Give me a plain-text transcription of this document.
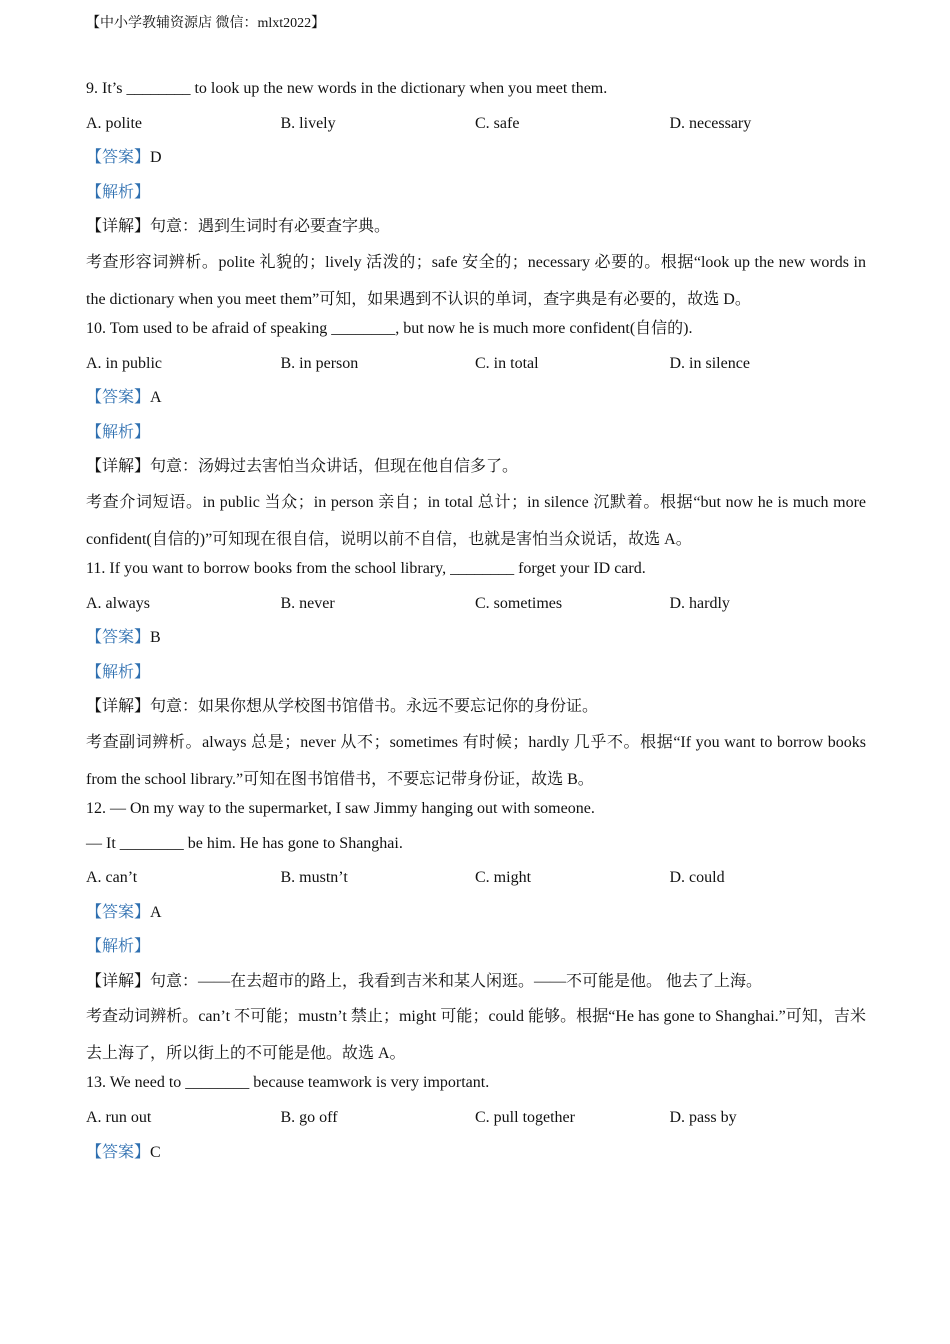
【中小学教辅资源店 微信：mlxt2022】
9. It’s ________ to look up the new words in the dictionary when you meet them.
A. polite	B. lively	C. safe	D. necessary
【答案】D
【解析】
【详解】句意：遇到生词时有必要查字典。
考查形容词辨析。polite 礼貌的；lively 活泼的；safe 安全的；necessary 必要的。根据“look up the new words in the dictionary when you meet them”可知，如果遇到不认识的单词，查字典是有必要的，故选 D。
10. Tom used to be afraid of speaking ________, but now he is much more confident(自信的).
A. in public	B. in person	C. in total	D. in silence
【答案】A
【解析】
【详解】句意：汤姆过去害怕当众讲话，但现在他自信多了。
考查介词短语。in public 当众；in person 亲自；in total 总计；in silence 沉默着。根据“but now he is much more confident(自信的)”可知现在很自信，说明以前不自信，也就是害怕当众说话，故选 A。
11. If you want to borrow books from the school library, ________ forget your ID card.
A. always	B. never	C. sometimes	D. hardly
【答案】B
【解析】
【详解】句意：如果你想从学校图书馆借书。永远不要忘记你的身份证。
考查副词辨析。always 总是；never 从不；sometimes 有时候；hardly 几乎不。根据“If you want to borrow books from the school library.”可知在图书馆借书，不要忘记带身份证，故选 B。
12. — On my way to the supermarket, I saw Jimmy hanging out with someone.
— It ________ be him. He has gone to Shanghai.
A. can’t	B. mustn’t	C. might	D. could
【答案】A
【解析】
【详解】句意：——在去超市的路上，我看到吉米和某人闲逛。——不可能是他。 他去了上海。
考查动词辨析。can’t 不可能；mustn’t 禁止；might 可能；could 能够。根据“He has gone to Shanghai.”可知，吉米去上海了，所以街上的不可能是他。故选 A。
13. We need to ________ because teamwork is very important.
A. run out	B. go off	C. pull together	D. pass by
【答案】C
